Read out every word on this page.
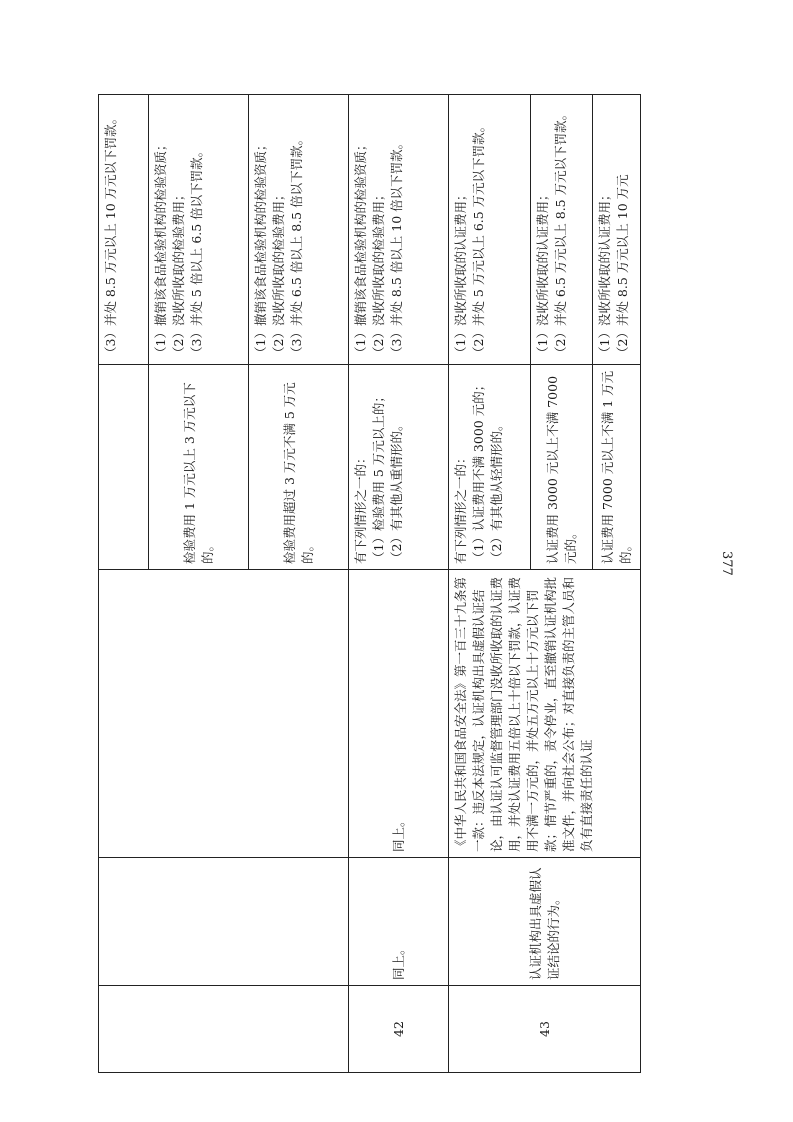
377

				（3）并处 8.5 万元以上 10 万元以下罚款。

			检验费用 1 万元以上 3 万元以下的。	（1）撤销该食品检验机构的检验资质； （2）没收所收取的检验费用； （3）并处 5 倍以上 6.5 倍以下罚款。

			检验费用超过 3 万元不满 5 万元的。	（1）撤销该食品检验机构的检验资质； （2）没收所收取的检验费用； （3）并处 6.5 倍以上 8.5 倍以下罚款。

42	同上。	同上。	有下列情形之一的： （1）检验费用 5 万元以上的； （2）有其他从重情形的。	（1）撤销该食品检验机构的检验资质； （2）没收所收取的检验费用； （3）并处 8.5 倍以上 10 倍以下罚款。

43	认证机构出具虚假认证结论的行为。	《中华人民共和国食品安全法》第一百三十九条第一款：违反本法规定，认证机构出具虚假认证结论，由认证认可监督管理部门没收所收取的认证费用，并处认证费用五倍以上十倍以下罚款，认证费用不满一万元的，并处五万元以上十万元以下罚款；情节严重的，责令停业，直至撤销认证机构批准文件，并向社会公布；对直接负责的主管人员和负有直接责任的认证	有下列情形之一的： （1）认证费用不满 3000 元的； （2）有其他从轻情形的。	（1）没收所收取的认证费用； （2）并处 5 万元以上 6.5 万元以下罚款。

			认证费用 3000 元以上不满 7000 元的。	（1）没收所收取的认证费用； （2）并处 6.5 万元以上 8.5 万元以下罚款。

			认证费用 7000 元以上不满 1 万元的。	（1）没收所收取的认证费用； （2）并处 8.5 万元以上 10 万元
